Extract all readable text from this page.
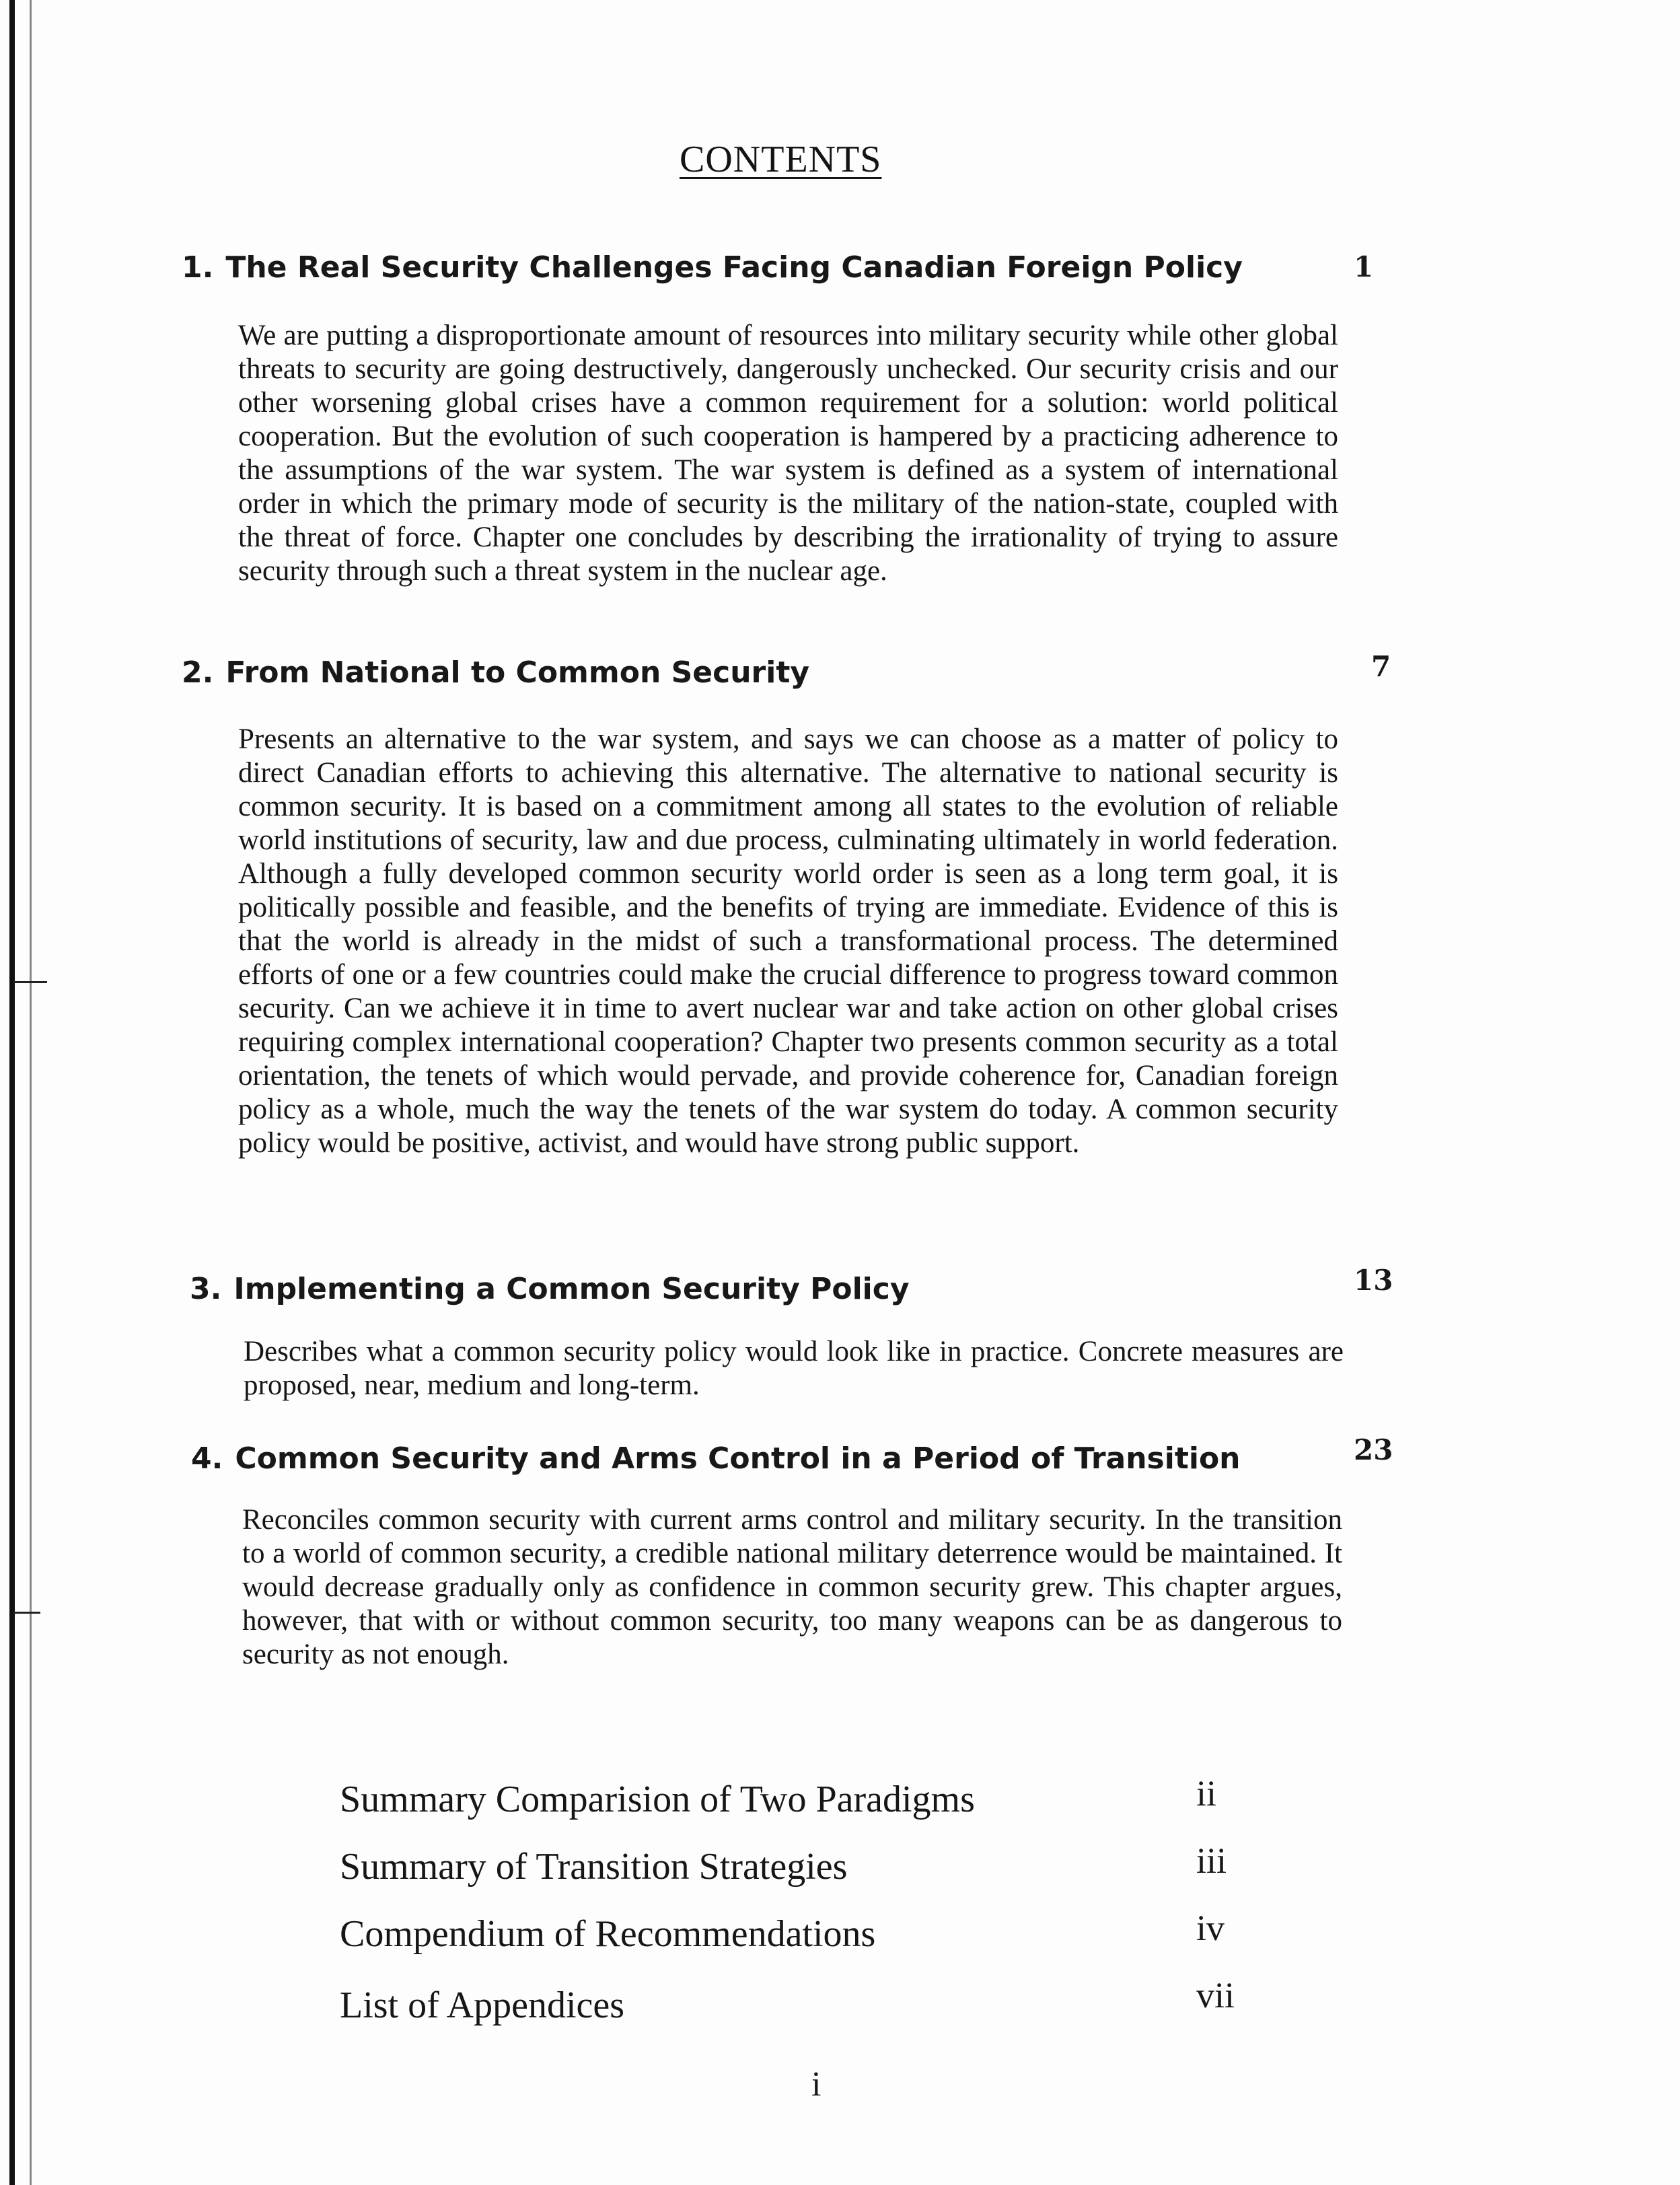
CONTENTS
1. The Real Security Challenges Facing Canadian Foreign Policy	1

We are putting a disproportionate amount of resources into military security while other global threats to security are going destructively, dangerously unchecked. Our security crisis and our other worsening global crises have a common requirement for a solution: world political cooperation. But the evolution of such cooperation is hampered by a practicing adherence to the assumptions of the war system. The war system is defined as a system of international order in which the primary mode of security is the military of the nation-state, coupled with the threat of force. Chapter one concludes by describing the irrationality of trying to assure security through such a threat system in the nuclear age.

2. From National to Common Security	7

Presents an alternative to the war system, and says we can choose as a matter of policy to direct Canadian efforts to achieving this alternative. The alternative to national security is common security. It is based on a commitment among all states to the evolution of reliable world institutions of security, law and due process, culminating ultimately in world federation. Although a fully developed common security world order is seen as a long term goal, it is politically possible and feasible, and the benefits of trying are immediate. Evidence of this is that the world is already in the midst of such a transformational process. The determined efforts of one or a few countries could make the crucial difference to progress toward common security. Can we achieve it in time to avert nuclear war and take action on other global crises requiring complex international cooperation? Chapter two presents common security as a total orientation, the tenets of which would pervade, and provide coherence for, Canadian foreign policy as a whole, much the way the tenets of the war system do today. A common security policy would be positive, activist, and would have strong public support.

3. Implementing a Common Security Policy	13

Describes what a common security policy would look like in practice. Concrete measures are proposed, near, medium and long-term.

4. Common Security and Arms Control in a Period of Transition	23

Reconciles common security with current arms control and military security. In the transition to a world of common security, a credible national military deterrence would be maintained. It would decrease gradually only as confidence in common security grew. This chapter argues, however, that with or without common security, too many weapons can be as dangerous to security as not enough.

Summary Comparision of Two Paradigms	ii
Summary of Transition Strategies	iii
Compendium of Recommendations	iv
List of Appendices	vii
i
